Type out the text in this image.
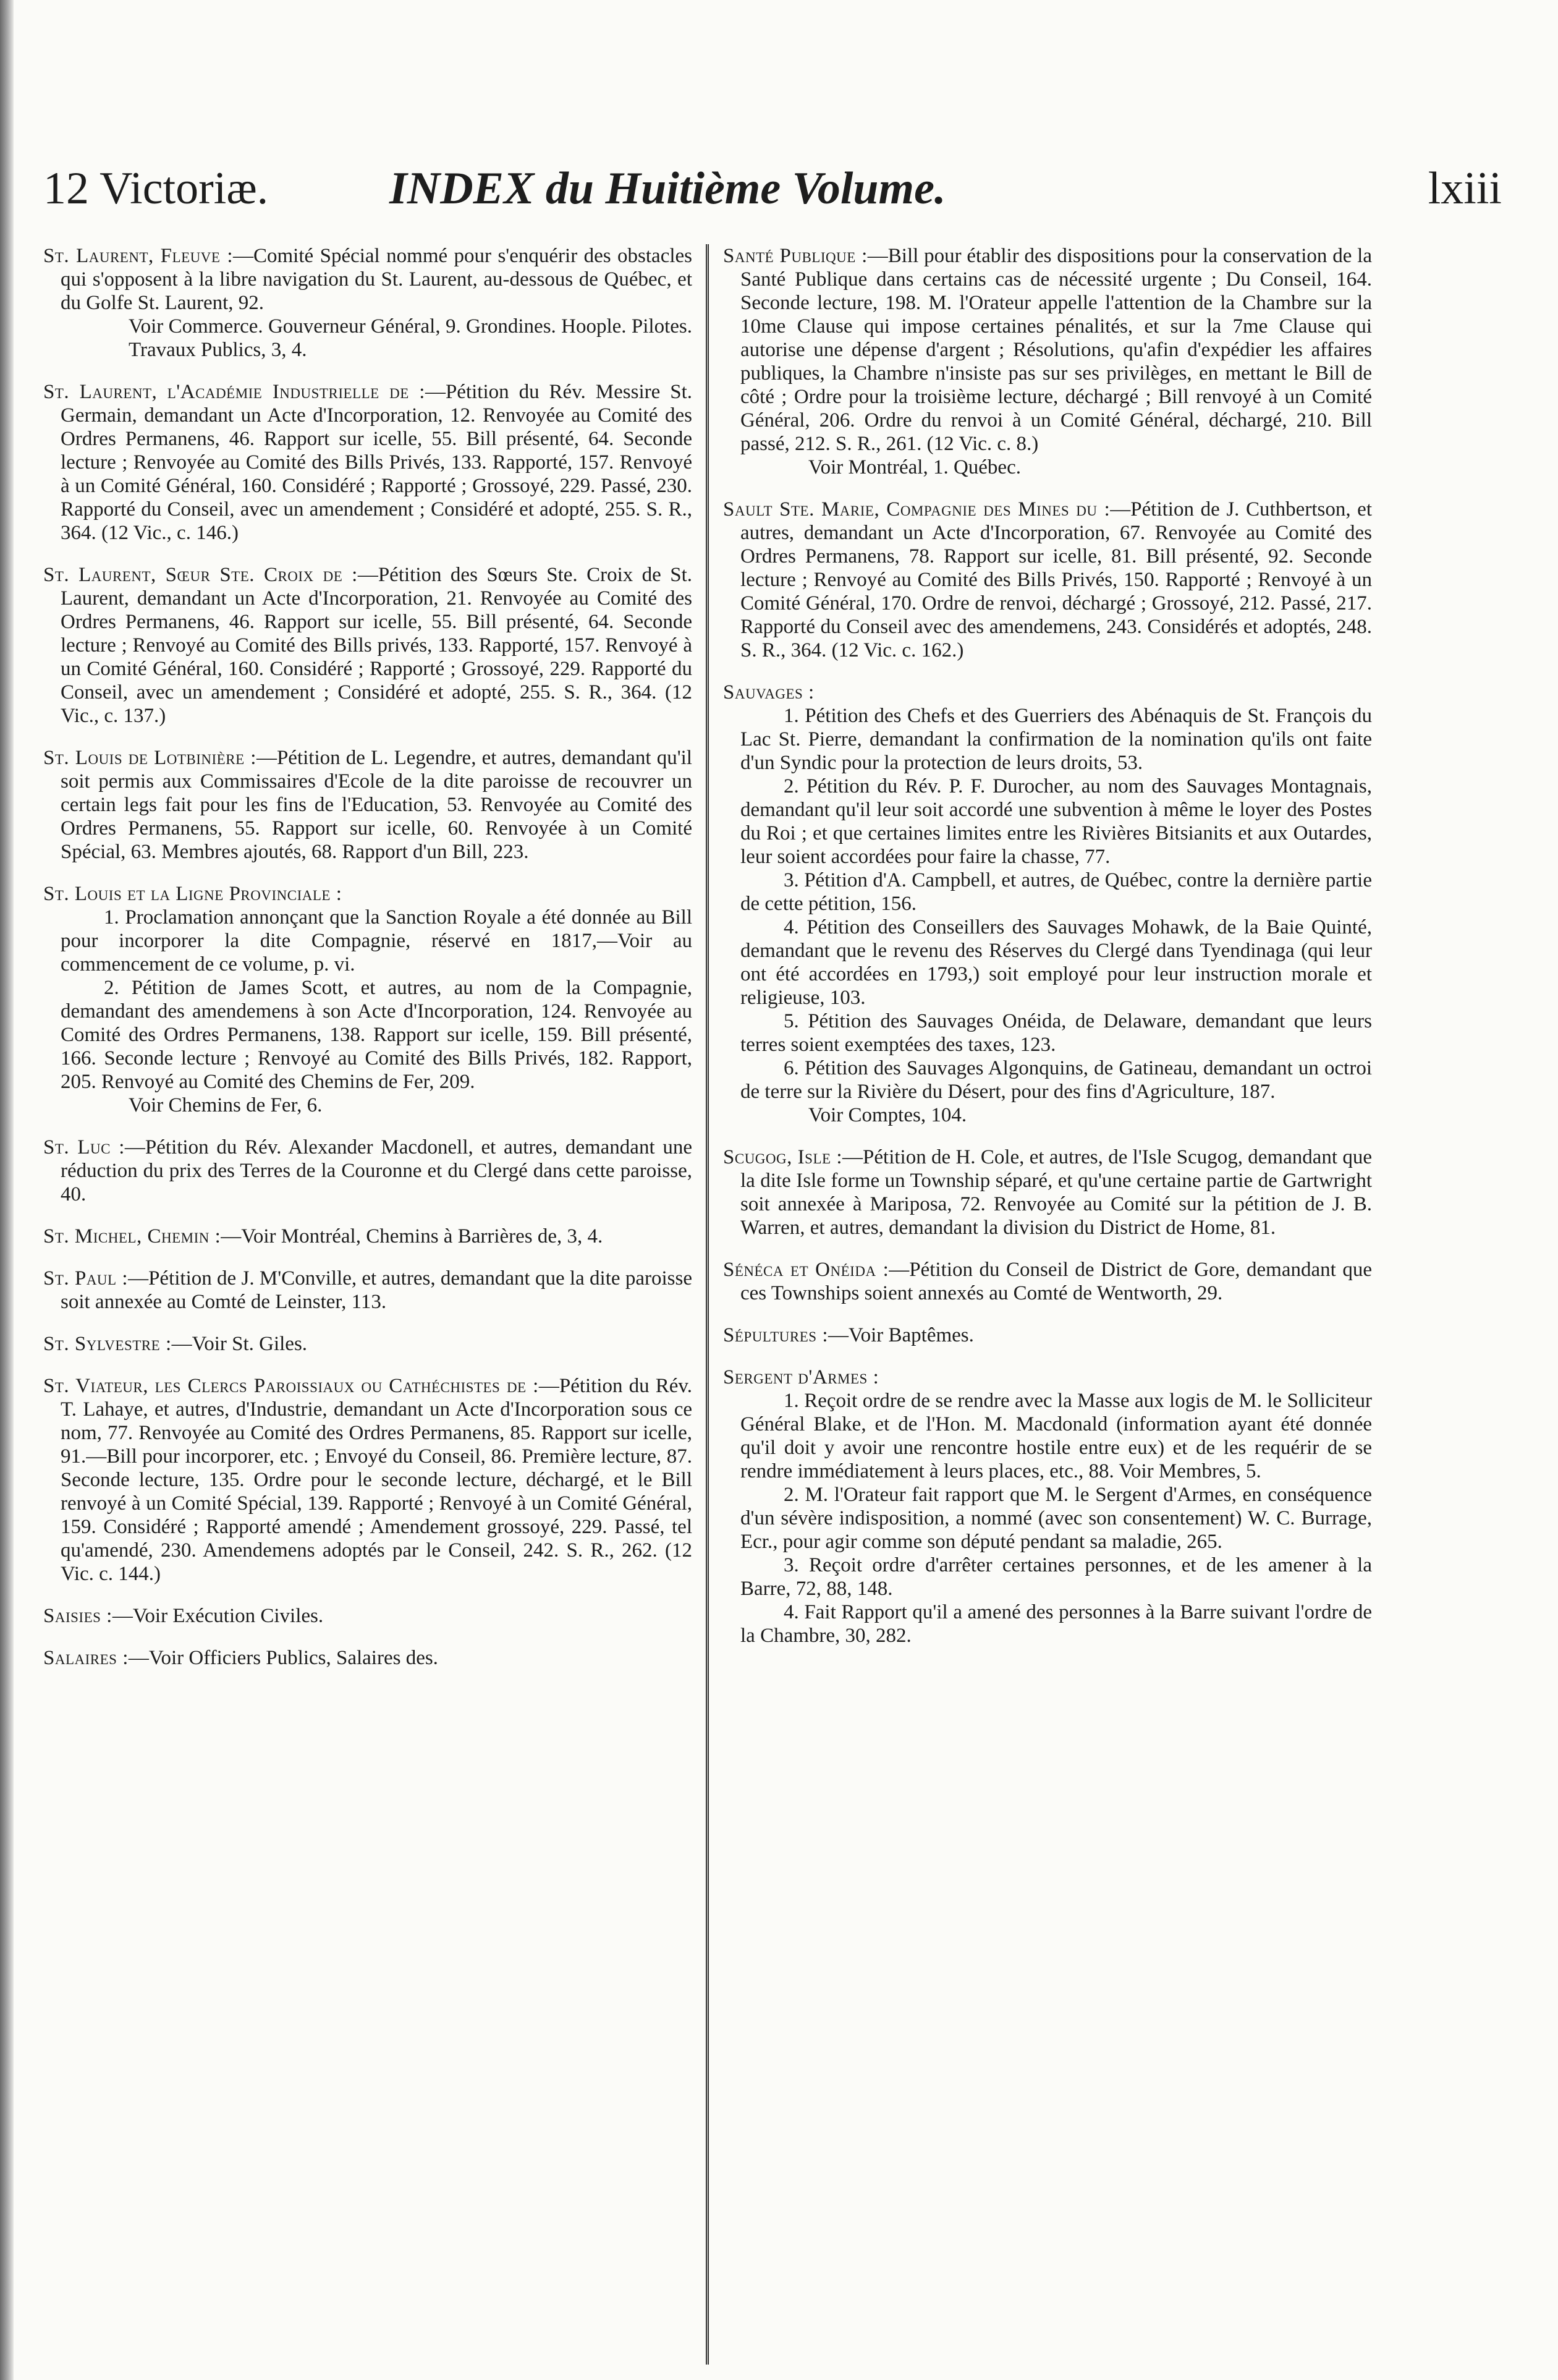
12 Victoriæ.	INDEX du Huitième Volume.	lxiii

St. Laurent, Fleuve :—Comité Spécial nommé pour s'enquérir des obstacles qui s'opposent à la libre navigation du St. Laurent, au-dessous de Québec, et du Golfe St. Laurent, 92.

Voir Commerce. Gouverneur Général, 9. Grondines. Hoople. Pilotes. Travaux Publics, 3, 4.

St. Laurent, l'Académie Industrielle de :—Pétition du Rév. Messire St. Germain, demandant un Acte d'Incorporation, 12. Renvoyée au Comité des Ordres Permanens, 46. Rapport sur icelle, 55. Bill présenté, 64. Seconde lecture ; Renvoyée au Comité des Bills Privés, 133. Rapporté, 157. Renvoyé à un Comité Général, 160. Considéré ; Rapporté ; Grossoyé, 229. Passé, 230. Rapporté du Conseil, avec un amendement ; Considéré et adopté, 255. S. R., 364. (12 Vic., c. 146.)

St. Laurent, Sœur Ste. Croix de :—Pétition des Sœurs Ste. Croix de St. Laurent, demandant un Acte d'Incorporation, 21. Renvoyée au Comité des Ordres Permanens, 46. Rapport sur icelle, 55. Bill présenté, 64. Seconde lecture ; Renvoyé au Comité des Bills privés, 133. Rapporté, 157. Renvoyé à un Comité Général, 160. Considéré ; Rapporté ; Grossoyé, 229. Rapporté du Conseil, avec un amendement ; Considéré et adopté, 255. S. R., 364. (12 Vic., c. 137.)

St. Louis de Lotbinière :—Pétition de L. Legendre, et autres, demandant qu'il soit permis aux Commissaires d'Ecole de la dite paroisse de recouvrer un certain legs fait pour les fins de l'Education, 53. Renvoyée au Comité des Ordres Permanens, 55. Rapport sur icelle, 60. Renvoyée à un Comité Spécial, 63. Membres ajoutés, 68. Rapport d'un Bill, 223.

St. Louis et la Ligne Provinciale :

1. Proclamation annonçant que la Sanction Royale a été donnée au Bill pour incorporer la dite Compagnie, réservé en 1817,—Voir au commencement de ce volume, p. vi.

2. Pétition de James Scott, et autres, au nom de la Compagnie, demandant des amendemens à son Acte d'Incorporation, 124. Renvoyée au Comité des Ordres Permanens, 138. Rapport sur icelle, 159. Bill présenté, 166. Seconde lecture ; Renvoyé au Comité des Bills Privés, 182. Rapport, 205. Renvoyé au Comité des Chemins de Fer, 209.

Voir Chemins de Fer, 6.

St. Luc :—Pétition du Rév. Alexander Macdonell, et autres, demandant une réduction du prix des Terres de la Couronne et du Clergé dans cette paroisse, 40.

St. Michel, Chemin :—Voir Montréal, Chemins à Barrières de, 3, 4.

St. Paul :—Pétition de J. M'Conville, et autres, demandant que la dite paroisse soit annexée au Comté de Leinster, 113.

St. Sylvestre :—Voir St. Giles.

St. Viateur, les Clercs Paroissiaux ou Cathéchistes de :—Pétition du Rév. T. Lahaye, et autres, d'Industrie, demandant un Acte d'Incorporation sous ce nom, 77. Renvoyée au Comité des Ordres Permanens, 85. Rapport sur icelle, 91.—Bill pour incorporer, etc. ; Envoyé du Conseil, 86. Première lecture, 87. Seconde lecture, 135. Ordre pour le seconde lecture, déchargé, et le Bill renvoyé à un Comité Spécial, 139. Rapporté ; Renvoyé à un Comité Général, 159. Considéré ; Rapporté amendé ; Amendement grossoyé, 229. Passé, tel qu'amendé, 230. Amendemens adoptés par le Conseil, 242. S. R., 262. (12 Vic. c. 144.)

Saisies :—Voir Exécution Civiles.

Salaires :—Voir Officiers Publics, Salaires des.

Santé Publique :—Bill pour établir des dispositions pour la conservation de la Santé Publique dans certains cas de nécessité urgente ; Du Conseil, 164. Seconde lecture, 198. M. l'Orateur appelle l'attention de la Chambre sur la 10me Clause qui impose certaines pénalités, et sur la 7me Clause qui autorise une dépense d'argent ; Résolutions, qu'afin d'expédier les affaires publiques, la Chambre n'insiste pas sur ses privilèges, en mettant le Bill de côté ; Ordre pour la troisième lecture, déchargé ; Bill renvoyé à un Comité Général, 206. Ordre du renvoi à un Comité Général, déchargé, 210. Bill passé, 212. S. R., 261. (12 Vic. c. 8.)

Voir Montréal, 1. Québec.

Sault Ste. Marie, Compagnie des Mines du :—Pétition de J. Cuthbertson, et autres, demandant un Acte d'Incorporation, 67. Renvoyée au Comité des Ordres Permanens, 78. Rapport sur icelle, 81. Bill présenté, 92. Seconde lecture ; Renvoyé au Comité des Bills Privés, 150. Rapporté ; Renvoyé à un Comité Général, 170. Ordre de renvoi, déchargé ; Grossoyé, 212. Passé, 217. Rapporté du Conseil avec des amendemens, 243. Considérés et adoptés, 248. S. R., 364. (12 Vic. c. 162.)

Sauvages :

1. Pétition des Chefs et des Guerriers des Abénaquis de St. François du Lac St. Pierre, demandant la confirmation de la nomination qu'ils ont faite d'un Syndic pour la protection de leurs droits, 53.

2. Pétition du Rév. P. F. Durocher, au nom des Sauvages Montagnais, demandant qu'il leur soit accordé une subvention à même le loyer des Postes du Roi ; et que certaines limites entre les Rivières Bitsianits et aux Outardes, leur soient accordées pour faire la chasse, 77.

3. Pétition d'A. Campbell, et autres, de Québec, contre la dernière partie de cette pétition, 156.

4. Pétition des Conseillers des Sauvages Mohawk, de la Baie Quinté, demandant que le revenu des Réserves du Clergé dans Tyendinaga (qui leur ont été accordées en 1793,) soit employé pour leur instruction morale et religieuse, 103.

5. Pétition des Sauvages Onéida, de Delaware, demandant que leurs terres soient exemptées des taxes, 123.

6. Pétition des Sauvages Algonquins, de Gatineau, demandant un octroi de terre sur la Rivière du Désert, pour des fins d'Agriculture, 187.

Voir Comptes, 104.

Scugog, Isle :—Pétition de H. Cole, et autres, de l'Isle Scugog, demandant que la dite Isle forme un Township séparé, et qu'une certaine partie de Gartwright soit annexée à Mariposa, 72. Renvoyée au Comité sur la pétition de J. B. Warren, et autres, demandant la division du District de Home, 81.

Sénéca et Onéida :—Pétition du Conseil de District de Gore, demandant que ces Townships soient annexés au Comté de Wentworth, 29.

Sépultures :—Voir Baptêmes.

Sergent d'Armes :

1. Reçoit ordre de se rendre avec la Masse aux logis de M. le Solliciteur Général Blake, et de l'Hon. M. Macdonald (information ayant été donnée qu'il doit y avoir une rencontre hostile entre eux) et de les requérir de se rendre immédiatement à leurs places, etc., 88. Voir Membres, 5.

2. M. l'Orateur fait rapport que M. le Sergent d'Armes, en conséquence d'un sévère indisposition, a nommé (avec son consentement) W. C. Burrage, Ecr., pour agir comme son député pendant sa maladie, 265.

3. Reçoit ordre d'arrêter certaines personnes, et de les amener à la Barre, 72, 88, 148.

4. Fait Rapport qu'il a amené des personnes à la Barre suivant l'ordre de la Chambre, 30, 282.
